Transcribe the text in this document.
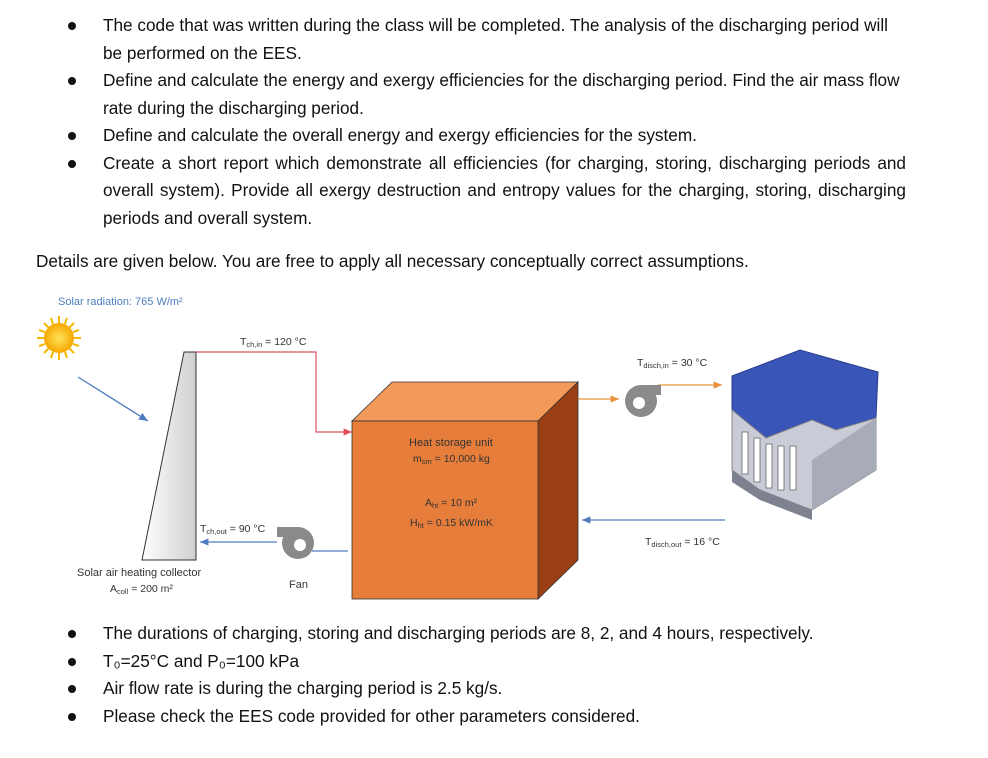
The code that was written during the class will be completed. The analysis of the discharging period will be performed on the EES.
Define and calculate the energy and exergy efficiencies for the discharging period. Find the air mass flow rate during the discharging period.
Define and calculate the overall energy and exergy efficiencies for the system.
Create a short report which demonstrate all efficiencies (for charging, storing, discharging periods and overall system). Provide all exergy destruction and entropy values for the charging, storing, discharging periods and overall system.

Details are given below. You are free to apply all necessary conceptually correct assumptions.

Solar radiation: 765 W/m²
Tch,in = 120 °C
Tch,out = 90 °C
Fan
Solar air heating collector
Acoll = 200 m²
Heat storage unit
msm = 10,000 kg
Aht = 10 m²
Hht = 0.15 kW/mK
Tdisch,in = 30 °C
Tdisch,out = 16 °C
The durations of charging, storing and discharging periods are 8, 2, and 4 hours, respectively.
T₀=25°C and P₀=100 kPa
Air flow rate is during the charging period is 2.5 kg/s.
Please check the EES code provided for other parameters considered.
